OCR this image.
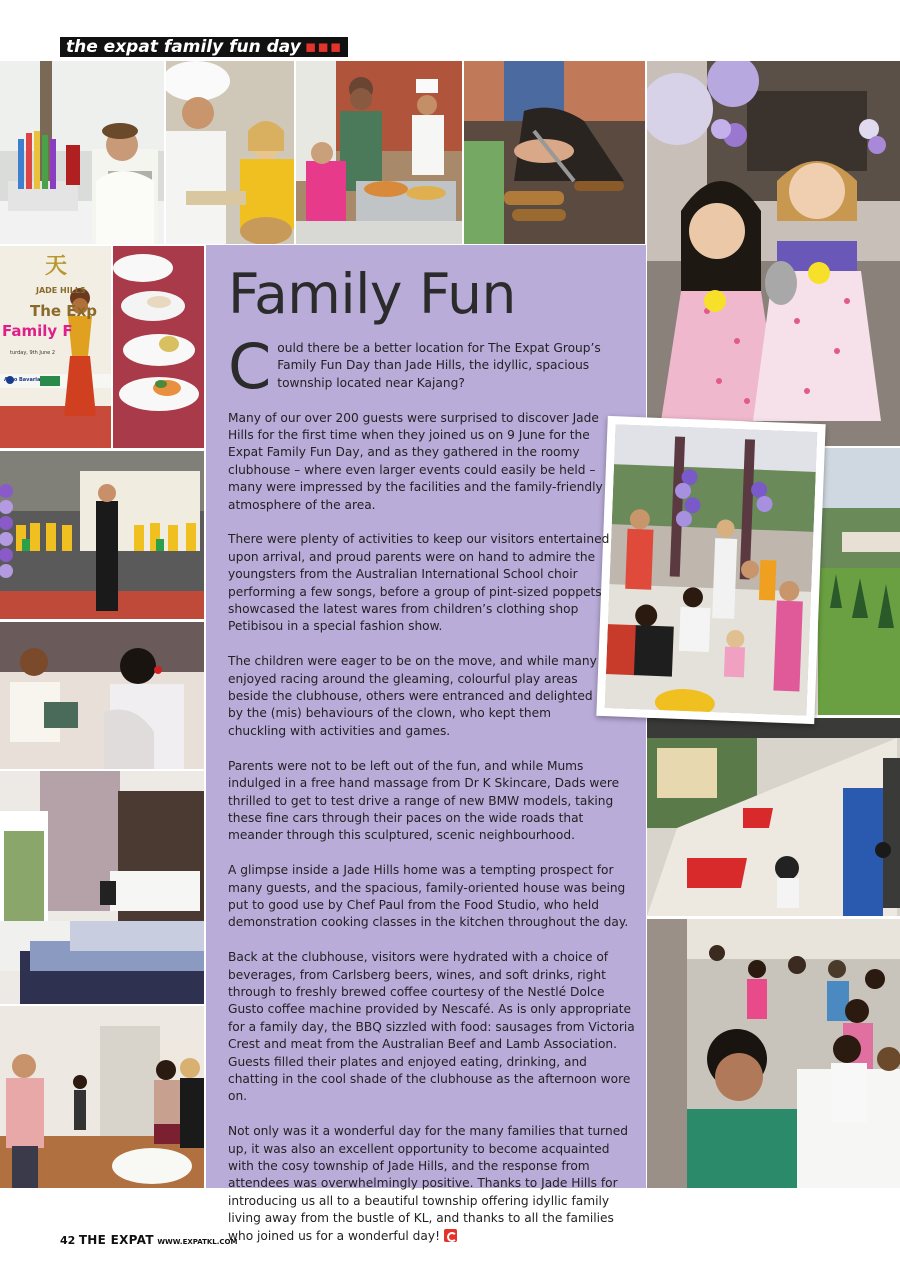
the expat family fun day ▪▪▪
天
JADE HILLS
The Exp
Family F
turday, 9th June 2
Auto Bavaria
Family Fun

Could there be a better location for The Expat Group’s Family Fun Day than Jade Hills, the idyllic, spacious township located near Kajang?

Many of our over 200 guests were surprised to discover Jade Hills for the first time when they joined us on 9 June for the Expat Family Fun Day, and as they gathered in the roomy clubhouse – where even larger events could easily be held – many were impressed by the facilities and the family-friendly atmosphere of the area.

There were plenty of activities to keep our visitors entertained upon arrival, and proud parents were on hand to admire the youngsters from the Australian International School choir performing a few songs, before a group of pint-sized poppets showcased the latest wares from children’s clothing shop Petibisou in a special fashion show.

The children were eager to be on the move, and while many enjoyed racing around the gleaming, colourful play areas beside the clubhouse, others were entranced and delighted by the (mis) behaviours of the clown, who kept them chuckling with activities and games.

Parents were not to be left out of the fun, and while Mums indulged in a free hand massage from Dr K Skincare, Dads were thrilled to get to test drive a range of new BMW models, taking these fine cars through their paces on the wide roads that meander through this sculptured, scenic neighbourhood.

A glimpse inside a Jade Hills home was a tempting prospect for many guests, and the spacious, family-oriented house was being put to good use by Chef Paul from the Food Studio, who held demonstration cooking classes in the kitchen throughout the day.

Back at the clubhouse, visitors were hydrated with a choice of beverages, from Carlsberg beers, wines, and soft drinks, right through to freshly brewed coffee courtesy of the Nestlé Dolce Gusto coffee machine provided by Nescafé. As is only appropriate for a family day, the BBQ sizzled with food: sausages from Victoria Crest and meat from the Australian Beef and Lamb Association. Guests filled their plates and enjoyed eating, drinking, and chatting in the cool shade of the clubhouse as the afternoon wore on.

Not only was it a wonderful day for the many families that turned up, it was also an excellent opportunity to become acquainted with the cosy township of Jade Hills, and the response from attendees was overwhelmingly positive. Thanks to Jade Hills for introducing us all to a beautiful township offering idyllic family living away from the bustle of KL, and thanks to all the families who joined us for a wonderful day!

42 THE EXPAT WWW.EXPATKL.COM
